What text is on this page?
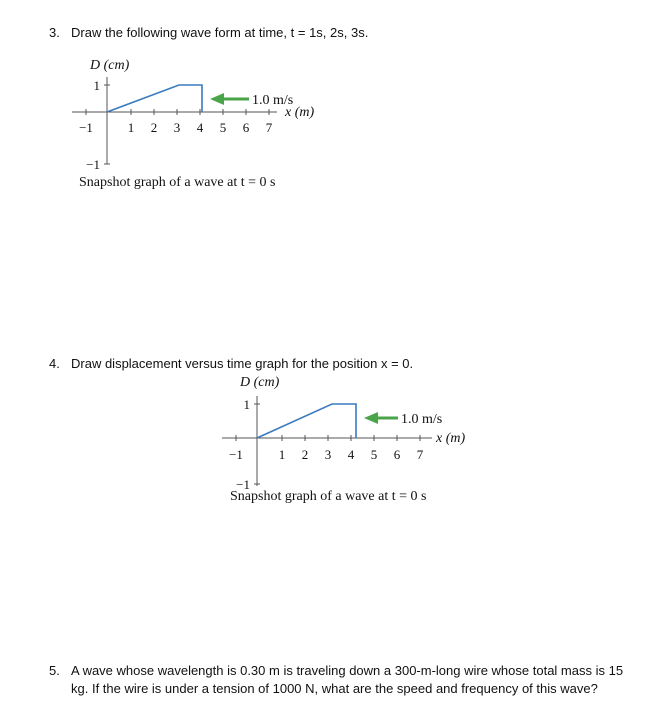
3. Draw the following wave form at time, t = 1s, 2s, 3s.
D (cm)
1
−1
−1	1 2 3 4 5 6 7
x (m)
1.0 m/s
Snapshot graph of a wave at t = 0 s
4. Draw displacement versus time graph for the position x = 0.
D (cm)
1
−1
−1	1 2 3 4 5 6 7
x (m)
1.0 m/s
Snapshot graph of a wave at t = 0 s
5. A wave whose wavelength is 0.30 m is traveling down a 300-m-long wire whose total mass is 15 kg. If the wire is under a tension of 1000 N, what are the speed and frequency of this wave?
